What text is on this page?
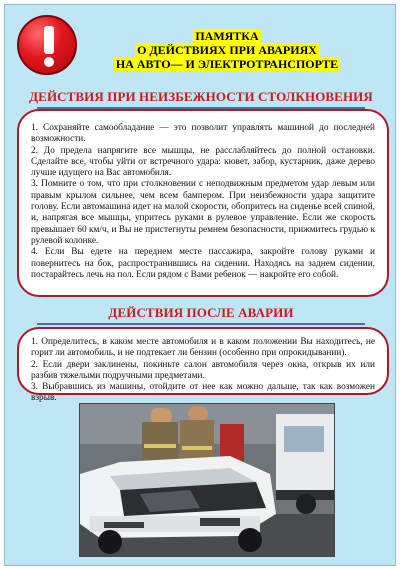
ПАМЯТКА
О ДЕЙСТВИЯХ ПРИ АВАРИЯХ
НА АВТО— И ЭЛЕКТРОТРАНСПОРТЕ
ДЕЙСТВИЯ ПРИ НЕИЗБЕЖНОСТИ СТОЛКНОВЕНИЯ

1. Сохраняйте самообладание — это позволит управлять машиной до последней возможности.

2. До предела напрягите все мышцы, не расслабляйтесь до полной остановки. Сделайте все, чтобы уйти от встречного удара: кювет, забор, кустарник, даже дерево лучше идущего на Вас автомобиля.

3. Помните о том, что при столкновении с неподвижным предметом удар левым или правым крылом сильнее, чем всем бампером. При неизбежности удара защитите голову. Если автомашина идет на малой скорости, обопритесь на сиденье всей спиной, и, напрягая все мышцы, упритесь руками в рулевое управление. Если же скорость превышает 60 км/ч, и Вы не пристегнуты ремнем безопасности, прижмитесь грудью к рулевой колонке.

4. Если Вы едете на переднем месте пассажира, закройте голову руками и повернитесь на бок, распространившись на сидении. Находясь на заднем сидении, постарайтесь лечь на пол. Если рядом с Вами ребенок — накройте его собой.

ДЕЙСТВИЯ ПОСЛЕ АВАРИИ

1. Определитесь, в каком месте автомобиля и в каком положении Вы находитесь, не горит ли автомобиль, и не подтекает ли бензин (особенно при опрокидывании).

2. Если двери заклинены, покиньте салон автомобиля через окна, открыв их или разбив тяжелыми подручными предметами.

3. Выбравшись из машины, отойдите от нее как можно дальше, так как возможен взрыв.
